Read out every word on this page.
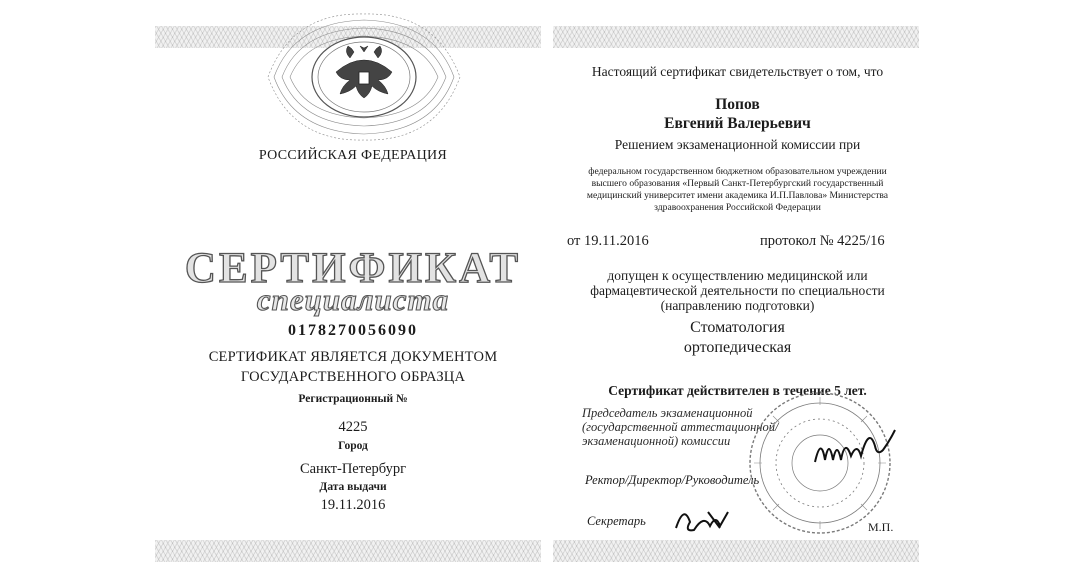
РОССИЙСКАЯ ФЕДЕРАЦИЯ
СЕРТИФИКАТ
специалиста
0178270056090
СЕРТИФИКАТ ЯВЛЯЕТСЯ ДОКУМЕНТОМ
ГОСУДАРСТВЕННОГО ОБРАЗЦА
Регистрационный №
4225
Город
Санкт-Петербург
Дата выдачи
19.11.2016
Настоящий сертификат свидетельствует о том, что
Попов
Евгений Валерьевич
Решением экзаменационной комиссии при
федеральном государственном бюджетном образовательном учреждении
высшего образования «Первый Санкт-Петербургский государственный
медицинский университет имени академика И.П.Павлова» Министерства
здравоохранения Российской Федерации
от 19.11.2016	протокол № 4225/16
допущен к осуществлению медицинской или
фармацевтической деятельности по специальности
(направлению подготовки)
Стоматология
ортопедическая
Сертификат действителен в течение 5 лет.
Председатель экзаменационной
(государственной аттестационной/
экзаменационной) комиссии
Ректор/Директор/Руководитель
Секретарь	М.П.
